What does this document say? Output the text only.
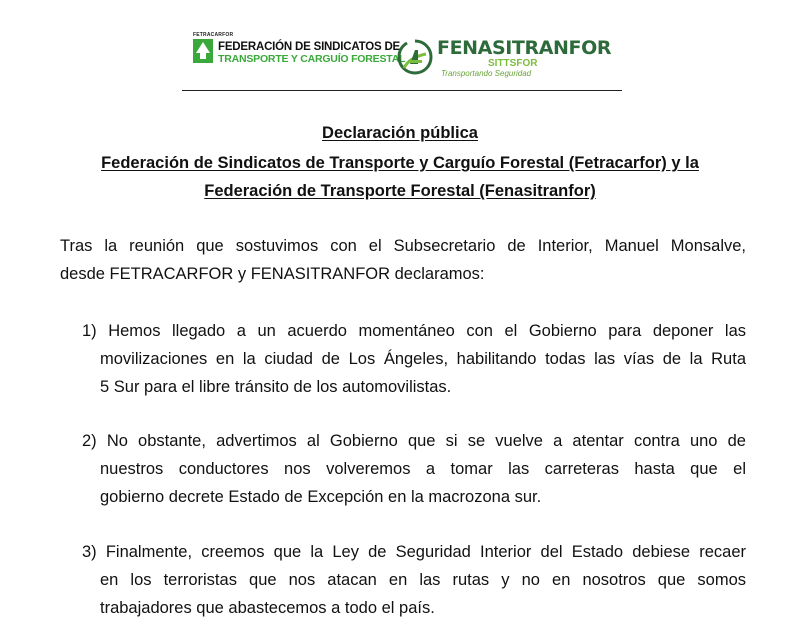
FETRACARFOR
FEDERACIÓN DE SINDICATOS DE
TRANSPORTE Y CARGUÍO FORESTAL FENASITRANFOR
SITTSFOR
Transportando Seguridad
Declaración pública
Federación de Sindicatos de Transporte y Carguío Forestal (Fetracarfor) y la
Federación de Transporte Forestal (Fenasitranfor)
Tras la reunión que sostuvimos con el Subsecretario de Interior, Manuel Monsalve,
desde FETRACARFOR y FENASITRANFOR declaramos:
1) Hemos llegado a un acuerdo momentáneo con el Gobierno para deponer las
movilizaciones en la ciudad de Los Ángeles, habilitando todas las vías de la Ruta
5 Sur para el libre tránsito de los automovilistas.
2) No obstante, advertimos al Gobierno que si se vuelve a atentar contra uno de
nuestros conductores nos volveremos a tomar las carreteras hasta que el
gobierno decrete Estado de Excepción en la macrozona sur.
3) Finalmente, creemos que la Ley de Seguridad Interior del Estado debiese recaer
en los terroristas que nos atacan en las rutas y no en nosotros que somos
trabajadores que abastecemos a todo el país.
